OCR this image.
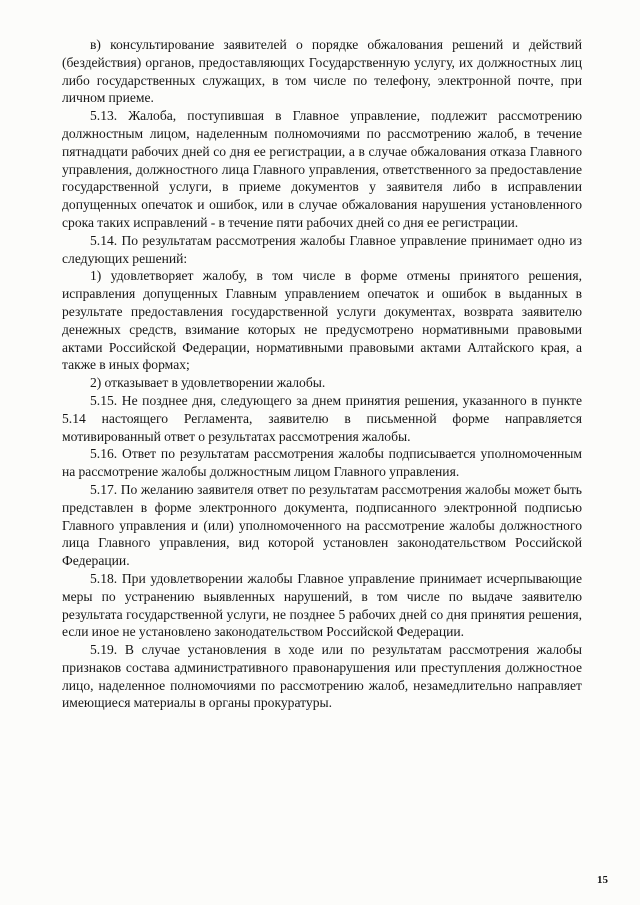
в) консультирование заявителей о порядке обжалования решений и действий (бездействия) органов, предоставляющих Государственную услугу, их должностных лиц либо государственных служащих, в том числе по телефону, электронной почте, при личном приеме.

5.13. Жалоба, поступившая в Главное управление, подлежит рассмотрению должностным лицом, наделенным полномочиями по рассмотрению жалоб, в течение пятнадцати рабочих дней со дня ее регистрации, а в случае обжалования отказа Главного управления, должностного лица Главного управления, ответственного за предоставление государственной услуги, в приеме документов у заявителя либо в исправлении допущенных опечаток и ошибок, или в случае обжалования нарушения установленного срока таких исправлений - в течение пяти рабочих дней со дня ее регистрации.

5.14. По результатам рассмотрения жалобы Главное управление принимает одно из следующих решений:

1) удовлетворяет жалобу, в том числе в форме отмены принятого решения, исправления допущенных Главным управлением опечаток и ошибок в выданных в результате предоставления государственной услуги документах, возврата заявителю денежных средств, взимание которых не предусмотрено нормативными правовыми актами Российской Федерации, нормативными правовыми актами Алтайского края, а также в иных формах;

2) отказывает в удовлетворении жалобы.

5.15. Не позднее дня, следующего за днем принятия решения, указанного в пункте 5.14 настоящего Регламента, заявителю в письменной форме направляется мотивированный ответ о результатах рассмотрения жалобы.

5.16. Ответ по результатам рассмотрения жалобы подписывается уполномоченным на рассмотрение жалобы должностным лицом Главного управления.

5.17. По желанию заявителя ответ по результатам рассмотрения жалобы может быть представлен в форме электронного документа, подписанного электронной подписью Главного управления и (или) уполномоченного на рассмотрение жалобы должностного лица Главного управления, вид которой установлен законодательством Российской Федерации.

5.18. При удовлетворении жалобы Главное управление принимает исчерпывающие меры по устранению выявленных нарушений, в том числе по выдаче заявителю результата государственной услуги, не позднее 5 рабочих дней со дня принятия решения, если иное не установлено законодательством Российской Федерации.

5.19. В случае установления в ходе или по результатам рассмотрения жалобы признаков состава административного правонарушения или преступления должностное лицо, наделенное полномочиями по рассмотрению жалоб, незамедлительно направляет имеющиеся материалы в органы прокуратуры.

15
